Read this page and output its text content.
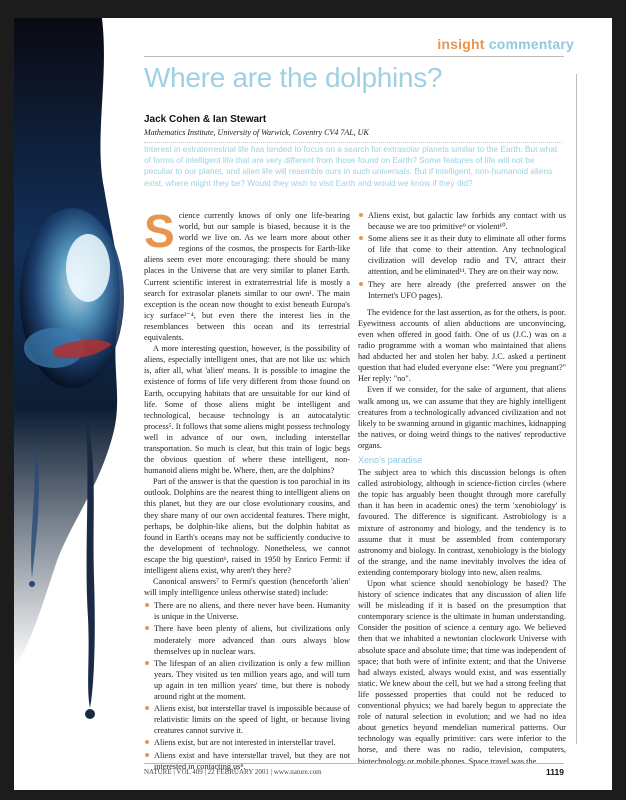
insight commentary
Where are the dolphins?
Jack Cohen & Ian Stewart
Mathematics Institute, University of Warwick, Coventry CV4 7AL, UK

Interest in extraterrestrial life has tended to focus on a search for extrasolar planets similar to the Earth. But what of forms of intelligent life that are very different from those found on Earth? Some features of life will not be peculiar to our planet, and alien life will resemble ours in such universals. But if intelligent, non-humanoid aliens exist, where might they be? Would they wish to visit Earth and would we know if they did?

Science currently knows of only one life-bearing world, but our sample is biased, because it is the world we live on. As we learn more about other regions of the cosmos, the prospects for Earth-like aliens seem ever more encouraging: there should be many places in the Universe that are very similar to planet Earth. Current scientific interest in extraterrestrial life is mostly a search for extrasolar planets similar to our own¹. The main exception is the ocean now thought to exist beneath Europa's icy surface²⁻⁴, but even there the interest lies in the resemblances between this ocean and its terrestrial equivalents.

A more interesting question, however, is the possibility of aliens, especially intelligent ones, that are not like us: which is, after all, what 'alien' means. It is possible to imagine the existence of forms of life very different from those found on Earth, occupying habitats that are unsuitable for our kind of life. Some of those aliens might be intelligent and technological, because technology is an autocatalytic process⁵. It follows that some aliens might possess technology well in advance of our own, including interstellar transportation. So much is clear, but this train of logic begs the obvious question of where these intelligent, non-humanoid aliens might be. Where, then, are the dolphins?

Part of the answer is that the question is too parochial in its outlook. Dolphins are the nearest thing to intelligent aliens on this planet, but they are our close evolutionary cousins, and they share many of our own accidental features. There might, perhaps, be dolphin-like aliens, but the dolphin habitat as found in Earth's oceans may not be sufficiently conducive to the development of technology. Nonetheless, we cannot escape the big question⁶, raised in 1950 by Enrico Fermi: if intelligent aliens exist, why aren't they here?

Canonical answers⁷ to Fermi's question (henceforth 'alien' will imply intelligence unless otherwise stated) include:

There are no aliens, and there never have been. Humanity is unique in the Universe.
There have been plenty of aliens, but civilizations only moderately more advanced than ours always blow themselves up in nuclear wars.
The lifespan of an alien civilization is only a few million years. They visited us ten million years ago, and will turn up again in ten million years' time, but there is nobody around right at the moment.
Aliens exist, but interstellar travel is impossible because of relativistic limits on the speed of light, or because living creatures cannot survive it.
Aliens exist, but are not interested in interstellar travel.
Aliens exist and have interstellar travel, but they are not interested in contacting us⁸.
Aliens exist, but galactic law forbids any contact with us because we are too primitive⁹ or violent¹⁰.
Some aliens see it as their duty to eliminate all other forms of life that come to their attention. Any technological civilization will develop radio and TV, attract their attention, and be eliminated¹¹. They are on their way now.
They are here already (the preferred answer on the Internet's UFO pages).

The evidence for the last assertion, as for the others, is poor. Eyewitness accounts of alien abductions are unconvincing, even when offered in good faith. One of us (J.C.) was on a radio programme with a woman who maintained that aliens had abducted her and stolen her baby. J.C. asked a pertinent question that had eluded everyone else: "Were you pregnant?" Her reply: "no".

Even if we consider, for the sake of argument, that aliens walk among us, we can assume that they are highly intelligent creatures from a technologically advanced civilization and not likely to be swanning around in gigantic machines, kidnapping the natives, or doing weird things to the natives' reproductive organs.

Xeno's paradise

The subject area to which this discussion belongs is often called astrobiology, although in science-fiction circles (where the topic has arguably been thought through more carefully than it has been in academic ones) the term 'xenobiology' is favoured. The difference is significant. Astrobiology is a mixture of astronomy and biology, and the tendency is to assume that it must be assembled from contemporary astronomy and biology. In contrast, xenobiology is the biology of the strange, and the name inevitably involves the idea of extending contemporary biology into new, alien realms.

Upon what science should xenobiology be based? The history of science indicates that any discussion of alien life will be misleading if it is based on the presumption that contemporary science is the ultimate in human understanding. Consider the position of science a century ago. We believed then that we inhabited a newtonian clockwork Universe with absolute space and absolute time; that time was independent of space; that both were of infinite extent; and that the Universe had always existed, always would exist, and was essentially static. We knew about the cell, but we had a strong feeling that life possessed properties that could not be reduced to conventional physics; we had barely begun to appreciate the role of natural selection in evolution; and we had no idea about genetics beyond mendelian numerical patterns. Our technology was equally primitive: cars were inferior to the horse, and there was no radio, television, computers, biotechnology or mobile phones. Space travel was the

NATURE | VOL 409 | 22 FEBRUARY 2001 | www.nature.com	1119
